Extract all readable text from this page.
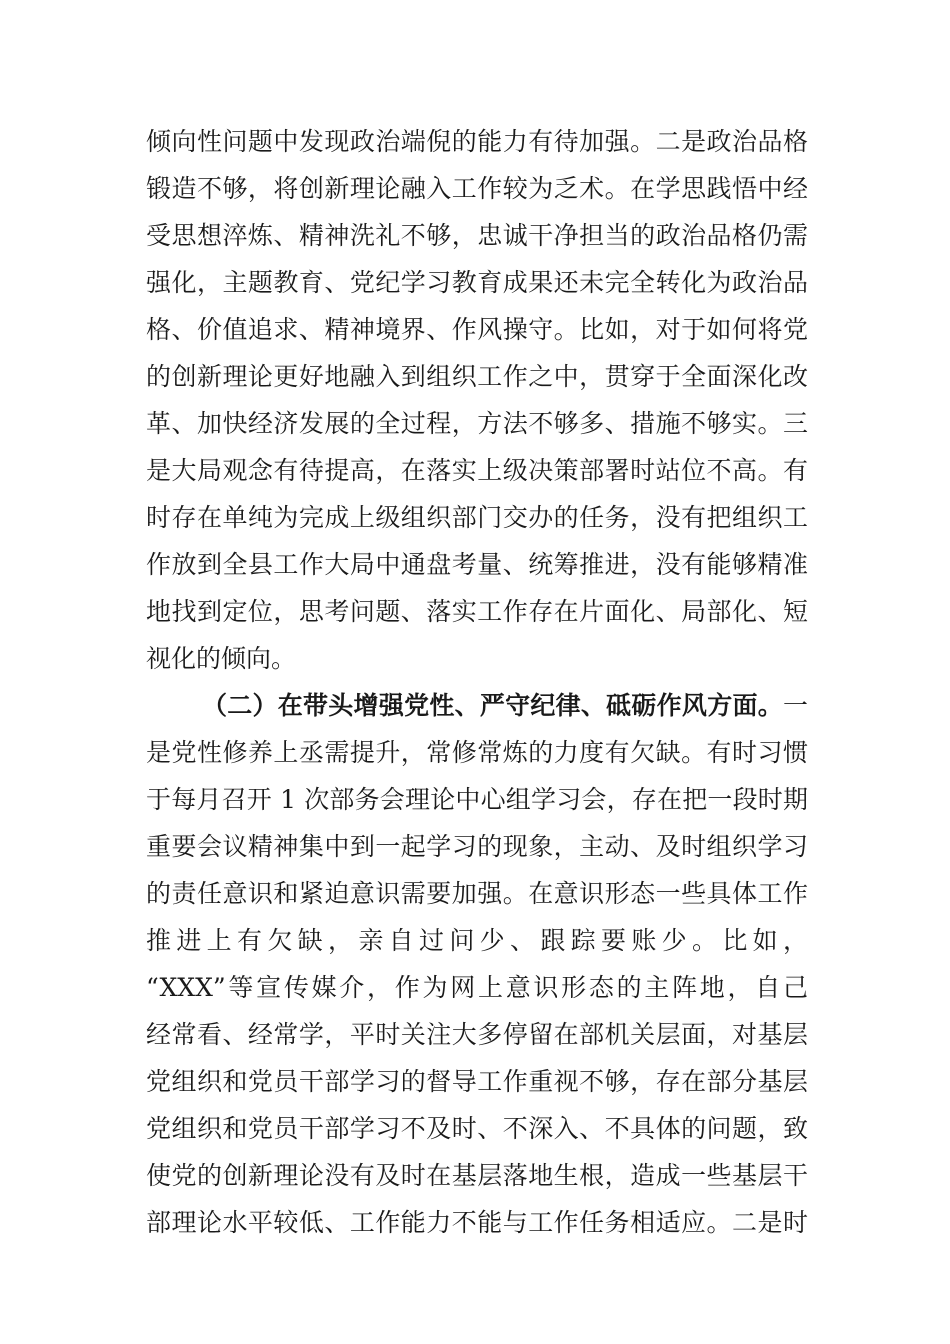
倾向性问题中发现政治端倪的能力有待加强。二是政治品格
锻造不够，将创新理论融入工作较为乏术。在学思践悟中经
受思想淬炼、精神洗礼不够，忠诚干净担当的政治品格仍需
强化，主题教育、党纪学习教育成果还未完全转化为政治品
格、价值追求、精神境界、作风操守。比如，对于如何将党
的创新理论更好地融入到组织工作之中，贯穿于全面深化改
革、加快经济发展的全过程，方法不够多、措施不够实。三
是大局观念有待提高，在落实上级决策部署时站位不高。有
时存在单纯为完成上级组织部门交办的任务，没有把组织工
作放到全县工作大局中通盘考量、统筹推进，没有能够精准
地找到定位，思考问题、落实工作存在片面化、局部化、短
视化的倾向。
（二）在带头增强党性、严守纪律、砥砺作风方面。一
是党性修养上丞需提升，常修常炼的力度有欠缺。有时习惯
于每月召开 1 次部务会理论中心组学习会，存在把一段时期
重要会议精神集中到一起学习的现象，主动、及时组织学习
的责任意识和紧迫意识需要加强。在意识形态一些具体工作
推进上有欠缺，亲自过问少、跟踪要账少。比如，
“XXX”等宣传媒介，作为网上意识形态的主阵地，自己
经常看、经常学，平时关注大多停留在部机关层面，对基层
党组织和党员干部学习的督导工作重视不够，存在部分基层
党组织和党员干部学习不及时、不深入、不具体的问题，致
使党的创新理论没有及时在基层落地生根，造成一些基层干
部理论水平较低、工作能力不能与工作任务相适应。二是时
